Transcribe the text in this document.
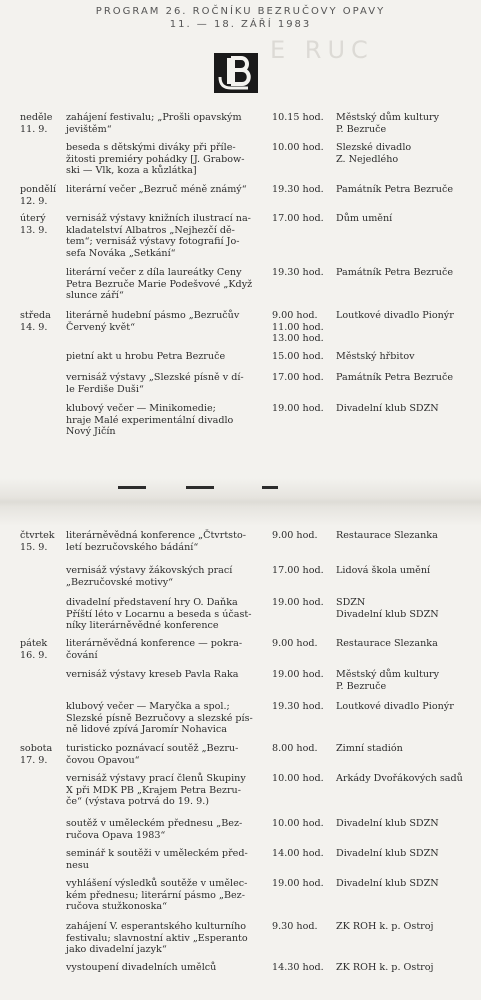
PROGRAM 26. ROČNÍKU BEZRUČOVY OPAVY
11. — 18. ZÁŘÍ 1983
E RUC
neděle
11. 9.
zahájení festivalu; „Prošli opavským
jevištěm“
10.15 hod.	Městský dům kultury
P. Bezruče
beseda s dětskými diváky při příle-
žitosti premiéry pohádky [J. Grabow-
ski — Vlk, koza a kůzlátka]
10.00 hod.	Slezské divadlo
Z. Nejedlého
pondělí
12. 9.
literární večer „Bezruč méně známý“	19.30 hod.	Památník Petra Bezruče
úterý
13. 9.
vernisáž výstavy knižních ilustrací na-
kladatelství Albatros „Nejhezčí dě-
tem“; vernisáž výstavy fotografií Jo-
sefa Nováka „Setkání“
17.00 hod.	Dům umění
literární večer z díla laureátky Ceny
Petra Bezruče Marie Podešvové „Když
slunce září“
19.30 hod.	Památník Petra Bezruče
středa
14. 9.
literárně hudební pásmo „Bezručův
Červený květ“
9.00 hod.
11.00 hod.
13.00 hod.
Loutkové divadlo Pionýr
pietní akt u hrobu Petra Bezruče	15.00 hod.	Městský hřbitov
vernisáž výstavy „Slezské písně v dí-
le Ferdiše Duši“
17.00 hod.	Památník Petra Bezruče
klubový večer — Minikomedie;
hraje Malé experimentální divadlo
Nový Jičín
19.00 hod.	Divadelní klub SDZN
čtvrtek
15. 9.
literárněvědná konference „Čtvrtsto-
letí bezručovského bádání“
9.00 hod.	Restaurace Slezanka
vernisáž výstavy žákovských prací
„Bezručovské motivy“
17.00 hod.	Lidová škola umění
divadelní představení hry O. Daňka
Příští léto v Locarnu a beseda s účast-
níky literárněvědné konference
19.00 hod.	SDZN
Divadelní klub SDZN
pátek
16. 9.
literárněvědná konference — pokra-
čování
9.00 hod.	Restaurace Slezanka
vernisáž výstavy kreseb Pavla Raka	19.00 hod.	Městský dům kultury
P. Bezruče
klubový večer — Maryčka a spol.;
Slezské písně Bezručovy a slezské pís-
ně lidové zpívá Jaromír Nohavica
19.30 hod.	Loutkové divadlo Pionýr
sobota
17. 9.
turisticko poznávací soutěž „Bezru-
čovou Opavou“
8.00 hod.	Zimní stadión
vernisáž výstavy prací členů Skupiny
X při MDK PB „Krajem Petra Bezru-
če“ (výstava potrvá do 19. 9.)
10.00 hod.	Arkády Dvořákových sadů
soutěž v uměleckém přednesu „Bez-
ručova Opava 1983“
10.00 hod.	Divadelní klub SDZN
seminář k soutěži v uměleckém před-
nesu
14.00 hod.	Divadelní klub SDZN
vyhlášení výsledků soutěže v umělec-
kém přednesu; literární pásmo „Bez-
ručova stužkonoska“
19.00 hod.	Divadelní klub SDZN
zahájení V. esperantského kulturního
festivalu; slavnostní aktiv „Esperanto
jako divadelní jazyk“
9.30 hod.	ZK ROH k. p. Ostroj
vystoupení divadelních umělců	14.30 hod.	ZK ROH k. p. Ostroj
